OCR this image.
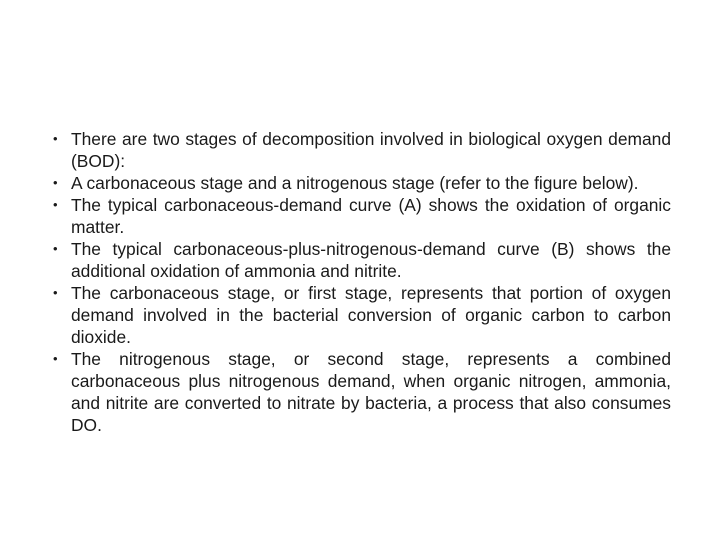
• There are two stages of decomposition involved in biological oxygen demand (BOD):
• A carbonaceous stage and a nitrogenous stage (refer to the figure below).
• The typical carbonaceous-demand curve (A) shows the oxidation of organic matter.
• The typical carbonaceous-plus-nitrogenous-demand curve (B) shows the additional oxidation of ammonia and nitrite.
• The carbonaceous stage, or first stage, represents that portion of oxygen demand involved in the bacterial conversion of organic carbon to carbon dioxide.
• The nitrogenous stage, or second stage, represents a combined carbonaceous plus nitrogenous demand, when organic nitrogen, ammonia, and nitrite are converted to nitrate by bacteria, a process that also consumes DO.
